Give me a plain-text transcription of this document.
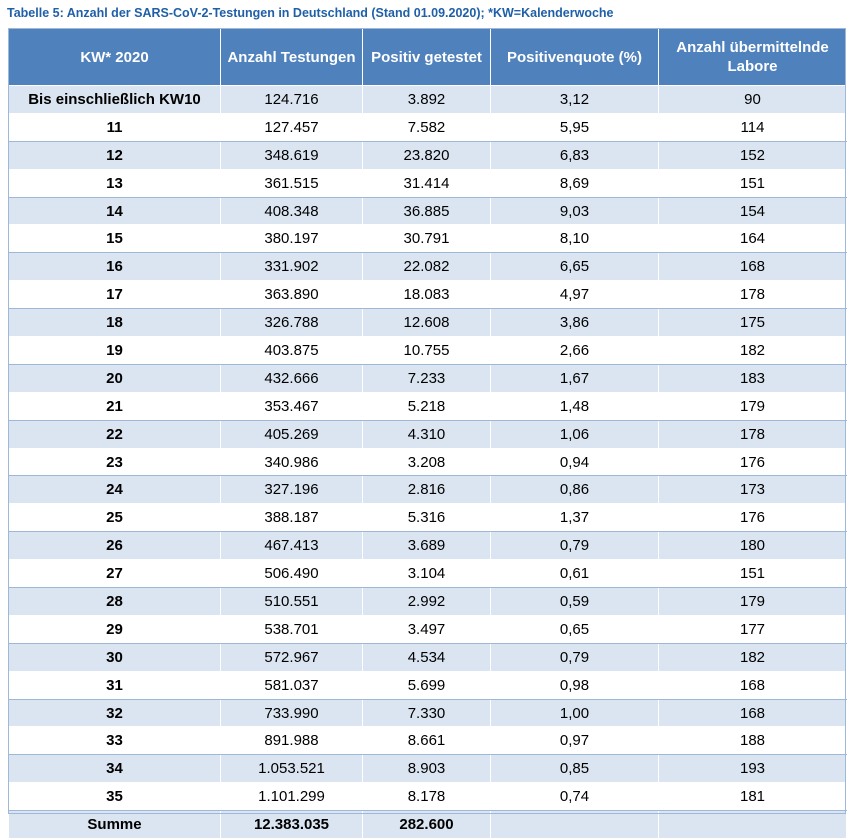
Tabelle 5: Anzahl der SARS-CoV-2-Testungen in Deutschland (Stand 01.09.2020); *KW=Kalenderwoche
KW* 2020	Anzahl Testungen	Positiv getestet	Positivenquote (%)	Anzahl übermittelnde Labore
Bis einschließlich KW10	124.716	3.892	3,12	90
11	127.457	7.582	5,95	114
12	348.619	23.820	6,83	152
13	361.515	31.414	8,69	151
14	408.348	36.885	9,03	154
15	380.197	30.791	8,10	164
16	331.902	22.082	6,65	168
17	363.890	18.083	4,97	178
18	326.788	12.608	3,86	175
19	403.875	10.755	2,66	182
20	432.666	7.233	1,67	183
21	353.467	5.218	1,48	179
22	405.269	4.310	1,06	178
23	340.986	3.208	0,94	176
24	327.196	2.816	0,86	173
25	388.187	5.316	1,37	176
26	467.413	3.689	0,79	180
27	506.490	3.104	0,61	151
28	510.551	2.992	0,59	179
29	538.701	3.497	0,65	177
30	572.967	4.534	0,79	182
31	581.037	5.699	0,98	168
32	733.990	7.330	1,00	168
33	891.988	8.661	0,97	188
34	1.053.521	8.903	0,85	193
35	1.101.299	8.178	0,74	181
Summe	12.383.035	282.600		
